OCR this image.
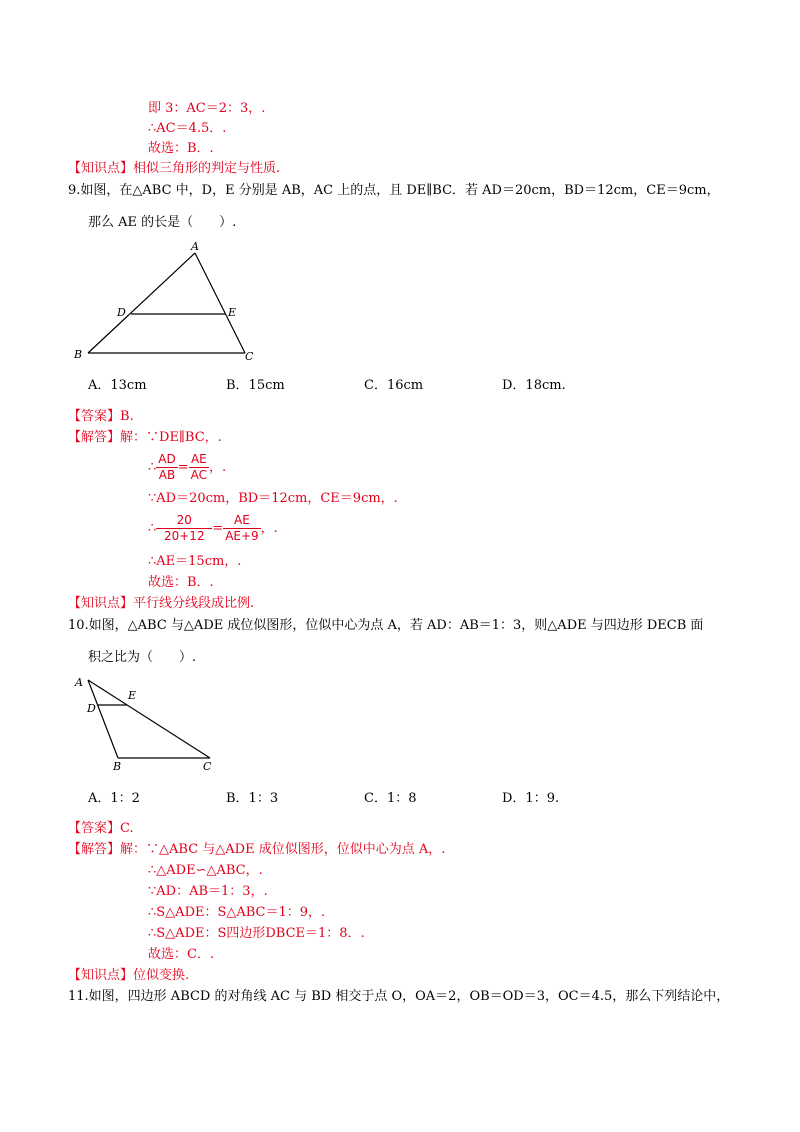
即 3：AC＝2：3，.
∴AC＝4.5．.
故选：B．.
【知识点】相似三角形的判定与性质.
9.如图，在△ABC 中，D，E 分别是 AB，AC 上的点，且 DE∥BC．若 AD＝20cm，BD＝12cm，CE＝9cm，
那么 AE 的长是（　　）.
A
B	C
D	E
A．13cm	B．15cm	C．16cm	D．18cm.
【答案】B.
【解答】解：∵DE∥BC，.
∴ $\frac{AD}{AB} = \frac{AE}{AC}$ ，.
∵AD＝20cm，BD＝12cm，CE＝9cm，.
∴ $\frac{20}{20+12} = \frac{AE}{AE+9}$ ，.
∴AE＝15cm，.
故选：B．.
【知识点】平行线分线段成比例.
10.如图，△ABC 与△ADE 成位似图形，位似中心为点 A，若 AD：AB＝1：3，则△ADE 与四边形 DECB 面
积之比为（　　）.
A
B	C
D
E
A．1：2	B．1：3	C．1：8	D．1：9.
【答案】C.
【解答】解：∵△ABC 与△ADE 成位似图形，位似中心为点 A，.
∴△ADE∽△ABC，.
∵AD：AB＝1：3，.
∴S△ADE：S△ABC＝1：9，.
∴S△ADE：S四边形DBCE＝1：8．.
故选：C．.
【知识点】位似变换.
11.如图，四边形 ABCD 的对角线 AC 与 BD 相交于点 O，OA＝2，OB＝OD＝3，OC＝4.5，那么下列结论中，
